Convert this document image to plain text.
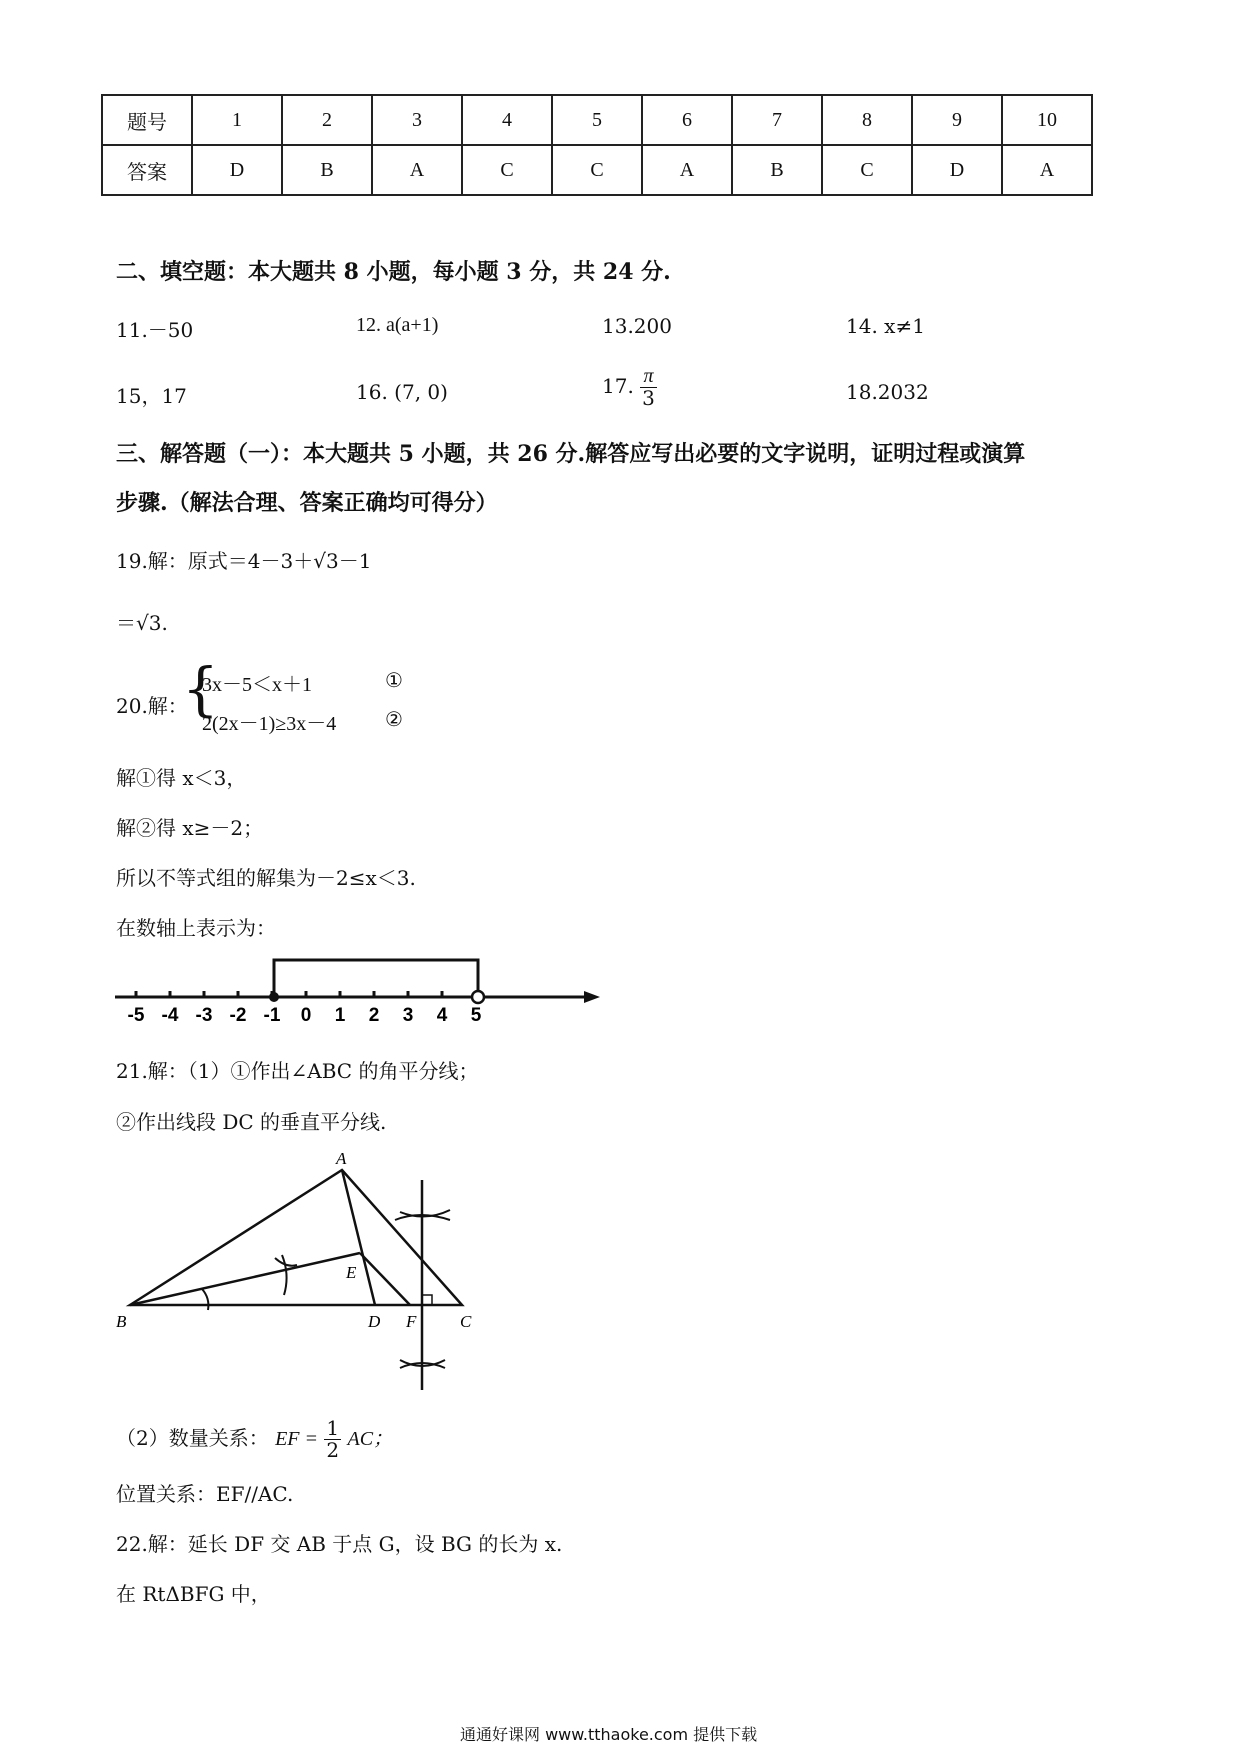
题号	1	2	3	4	5	6	7	8	9	10
答案	D	B	A	C	C	A	B	C	D	A
二、填空题：本大题共 8 小题，每小题 3 分，共 24 分.
11.－50	12. a(a+1)	13.200	14. x≠1
15，17	16. (7, 0)	17. $\frac{\pi}{3}$	18.2032
三、解答题（一）：本大题共 5 小题，共 26 分.解答应写出必要的文字说明，证明过程或演算
步骤.（解法合理、答案正确均可得分）
19.解：原式＝4－3＋√3－1
＝√3.
20.解：
{
3x－5＜x＋1
2(2x－1)≥3x－4
①
②
解①得 x＜3，
解②得 x≥－2；
所以不等式组的解集为－2≤x＜3.
在数轴上表示为：
-5 -4 -3 -2 -1 0 1 2 3 4 5
21.解：（1）①作出∠ABC 的角平分线；
②作出线段 DC 的垂直平分线.
A
B	C
D
E
F
（2）数量关系： EF = $\frac{1}{2}$ AC；
位置关系：EF//AC.
22.解：延长 DF 交 AB 于点 G，设 BG 的长为 x.
在 RtΔBFG 中，
通通好课网 www.tthaoke.com 提供下载
